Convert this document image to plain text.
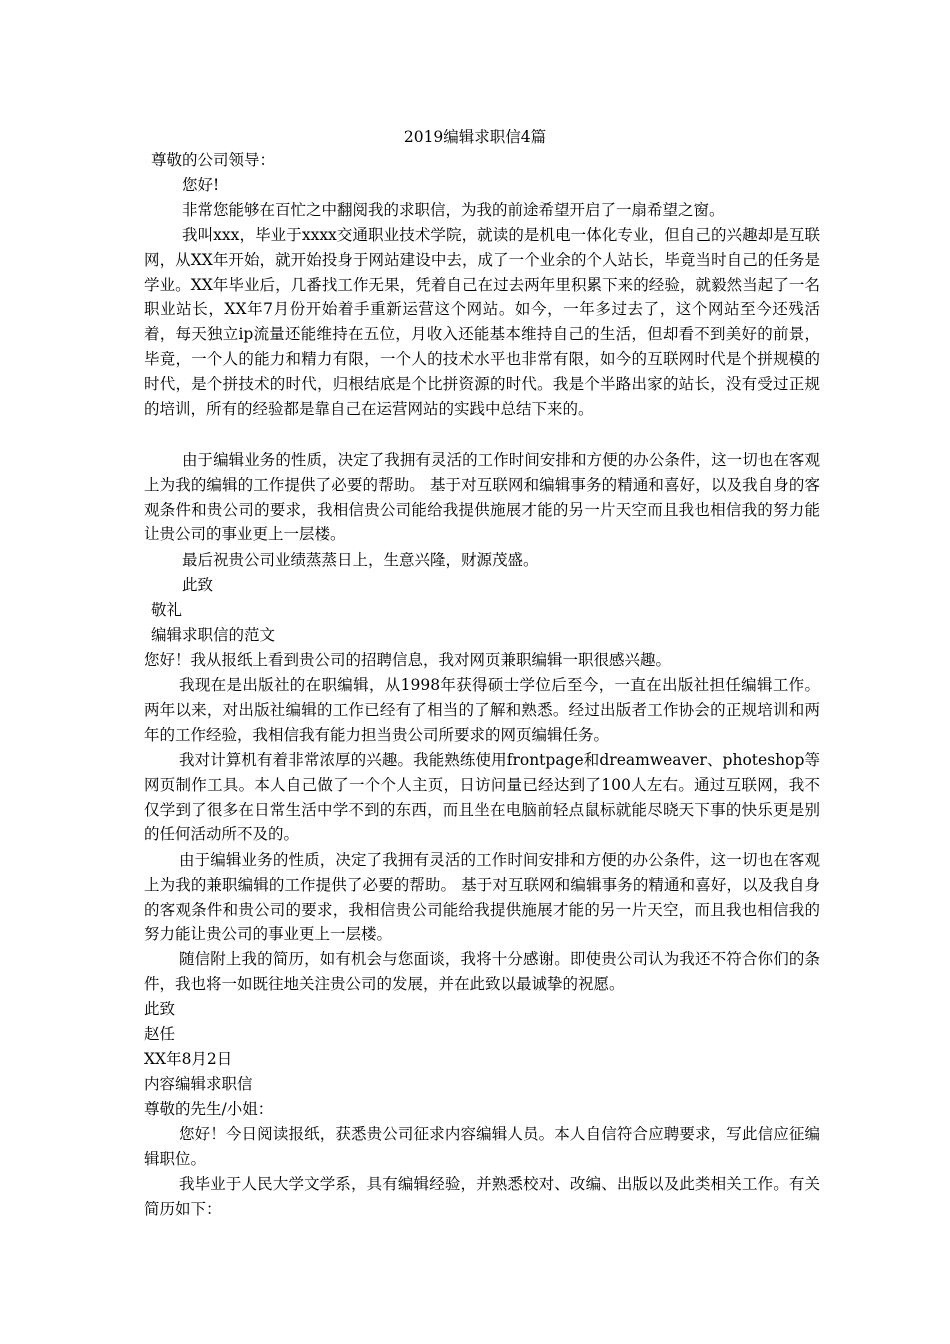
2019编辑求职信4篇

尊敬的公司领导：

您好!

非常您能够在百忙之中翻阅我的求职信，为我的前途希望开启了一扇希望之窗。

我叫xxx，毕业于xxxx交通职业技术学院，就读的是机电一体化专业，但自己的兴趣却是互联网，从XX年开始，就开始投身于网站建设中去，成了一个业余的个人站长，毕竟当时自己的任务是学业。XX年毕业后，几番找工作无果，凭着自己在过去两年里积累下来的经验，就毅然当起了一名职业站长，XX年7月份开始着手重新运营这个网站。如今，一年多过去了，这个网站至今还残活着，每天独立ip流量还能维持在五位，月收入还能基本维持自己的生活，但却看不到美好的前景，毕竟，一个人的能力和精力有限，一个人的技术水平也非常有限，如今的互联网时代是个拼规模的时代，是个拼技术的时代，归根结底是个比拼资源的时代。我是个半路出家的站长，没有受过正规的培训，所有的经验都是靠自己在运营网站的实践中总结下来的。

由于编辑业务的性质，决定了我拥有灵活的工作时间安排和方便的办公条件，这一切也在客观上为我的编辑的工作提供了必要的帮助。 基于对互联网和编辑事务的精通和喜好，以及我自身的客观条件和贵公司的要求，我相信贵公司能给我提供施展才能的另一片天空而且我也相信我的努力能让贵公司的事业更上一层楼。

最后祝贵公司业绩蒸蒸日上，生意兴隆，财源茂盛。

此致

敬礼

编辑求职信的范文

您好！我从报纸上看到贵公司的招聘信息，我对网页兼职编辑一职很感兴趣。

我现在是出版社的在职编辑，从1998年获得硕士学位后至今，一直在出版社担任编辑工作。两年以来，对出版社编辑的工作已经有了相当的了解和熟悉。经过出版者工作协会的正规培训和两年的工作经验，我相信我有能力担当贵公司所要求的网页编辑任务。

我对计算机有着非常浓厚的兴趣。我能熟练使用frontpage和dreamweaver、photeshop等网页制作工具。本人自己做了一个个人主页，日访问量已经达到了100人左右。通过互联网，我不仅学到了很多在日常生活中学不到的东西，而且坐在电脑前轻点鼠标就能尽晓天下事的快乐更是别的任何活动所不及的。

由于编辑业务的性质，决定了我拥有灵活的工作时间安排和方便的办公条件，这一切也在客观上为我的兼职编辑的工作提供了必要的帮助。 基于对互联网和编辑事务的精通和喜好，以及我自身的客观条件和贵公司的要求，我相信贵公司能给我提供施展才能的另一片天空，而且我也相信我的努力能让贵公司的事业更上一层楼。

随信附上我的简历，如有机会与您面谈，我将十分感谢。即使贵公司认为我还不符合你们的条件，我也将一如既往地关注贵公司的发展，并在此致以最诚挚的祝愿。

此致

赵任

XX年8月2日

内容编辑求职信

尊敬的先生/小姐：

您好！今日阅读报纸，获悉贵公司征求内容编辑人员。本人自信符合应聘要求，写此信应征编辑职位。

我毕业于人民大学文学系，具有编辑经验，并熟悉校对、改编、出版以及此类相关工作。有关简历如下：
